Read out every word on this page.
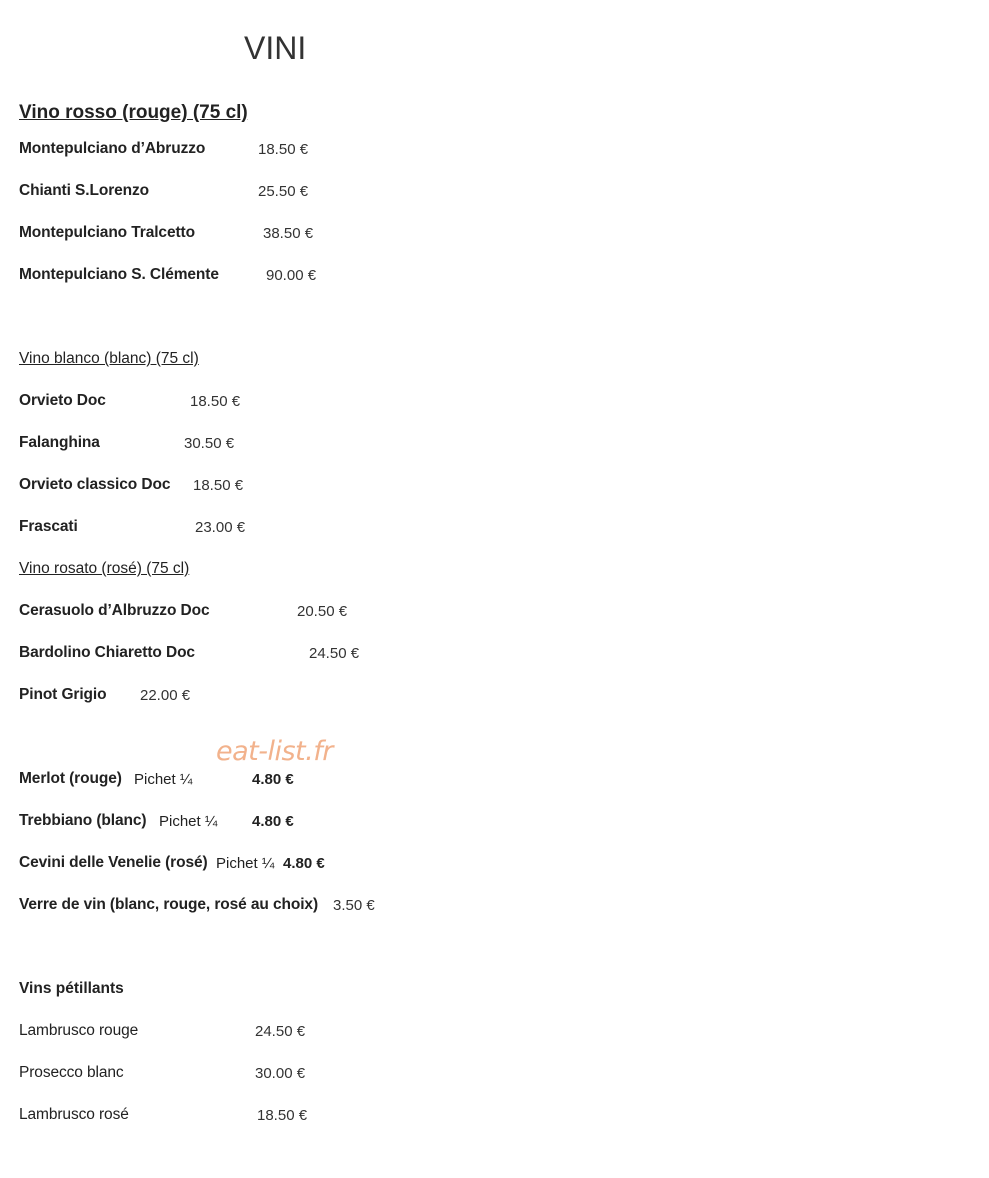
VINI
Vino rosso (rouge) (75 cl)
Montepulciano d’Abruzzo	18.50 €
Chianti S.Lorenzo	25.50 €
Montepulciano Tralcetto	38.50 €
Montepulciano S. Clémente	90.00 €
Vino blanco (blanc) (75 cl)
Orvieto Doc	18.50 €
Falanghina	30.50 €
Orvieto classico Doc 18.50 €
Frascati	23.00 €
Vino rosato (rosé) (75 cl)
Cerasuolo d’Albruzzo Doc	20.50 €
Bardolino Chiaretto Doc	24.50 €
Pinot Grigio 22.00 €
eat-list.fr
Merlot (rouge) Pichet ¼	4.80 €
Trebbiano (blanc) Pichet ¼ 4.80 €
Cevini delle Venelie (rosé) Pichet ¼ 4.80 €
Verre de vin (blanc, rouge, rosé au choix) 3.50 €
Vins pétillants
Lambrusco rouge	24.50 €
Prosecco blanc	30.00 €
Lambrusco rosé	18.50 €
